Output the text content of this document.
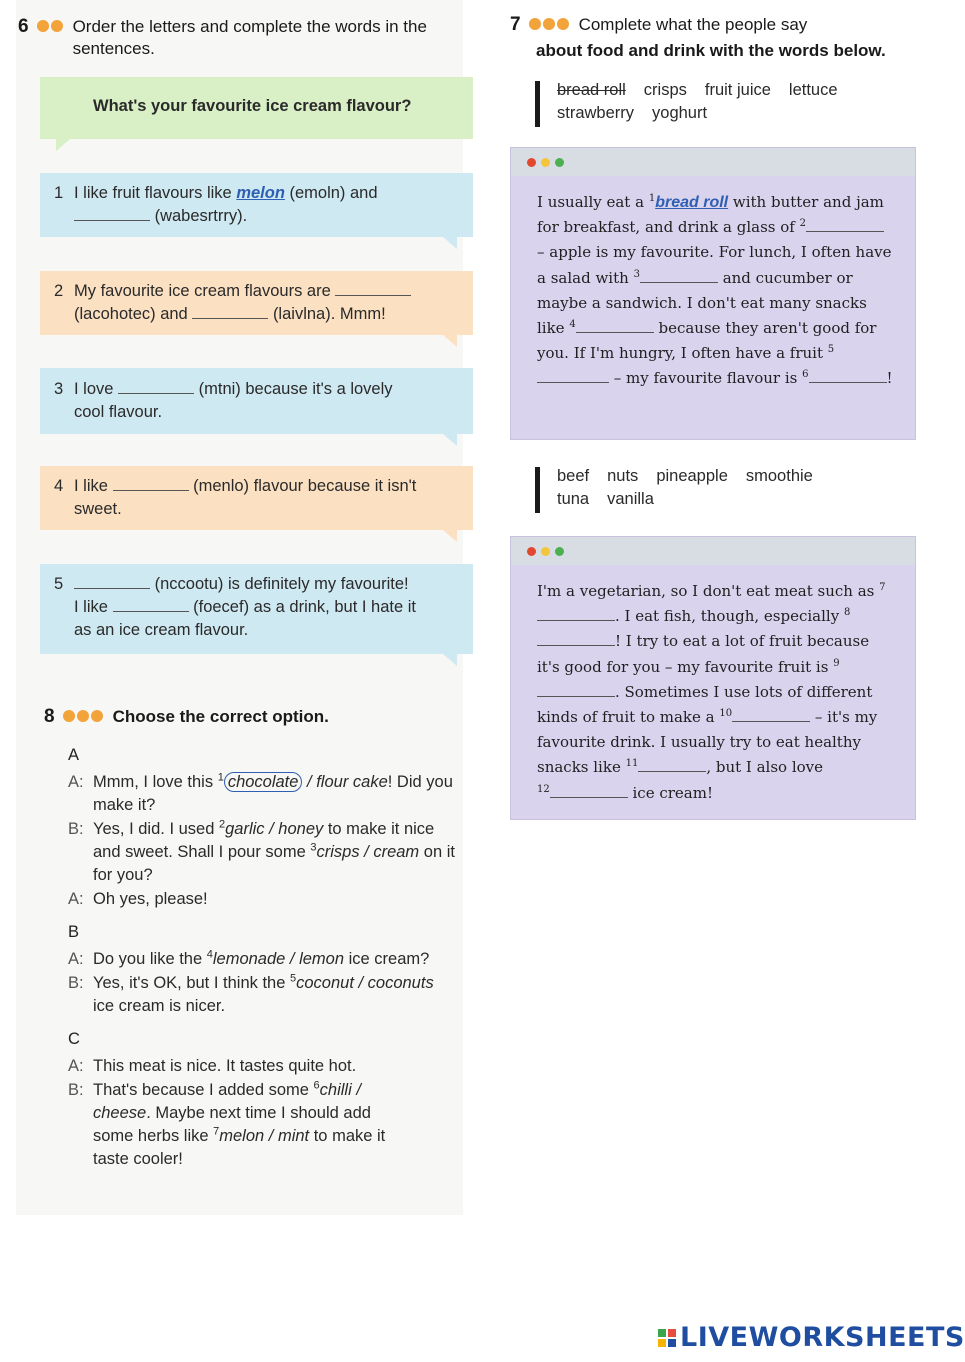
6	Order the letters and complete the words in the sentences.
What's your favourite ice cream flavour?
1 I like fruit flavours like melon (emoln) and
(wabesrtrry).
2 My favourite ice cream flavours are
(lacohotec) and	(laivlna). Mmm!
3 I love	(mtni) because it's a lovely
cool flavour.
4 I like	(menlo) flavour because it isn't
sweet.
5	(nccootu) is definitely my favourite!
I like	(foecef) as a drink, but I hate it
as an ice cream flavour.
8	Choose the correct option.
A
A: Mmm, I love this $^1$ chocolate / flour cake! Did you make it?
B: Yes, I did. I used $^2$garlic / honey to make it nice and sweet. Shall I pour some $^3$crisps / cream on it for you?
A: Oh yes, please!
B
A: Do you like the $^4$lemonade / lemon ice cream?
B: Yes, it's OK, but I think the $^5$coconut / coconuts ice cream is nicer.
C
A: This meat is nice. It tastes quite hot.
B: That's because I added some $^6$chilli / cheese. Maybe next time I should add some herbs like $^7$melon / mint to make it taste cooler!
7	Complete what the people say
about food and drink with the words below.
bread roll crisps fruit juice lettuce
strawberry yoghurt
I usually eat a $^1$bread roll with butter and jam for breakfast, and drink a glass of $^2$ – apple is my favourite. For lunch, I often have a salad with $^3$	and cucumber or maybe a sandwich. I don't eat many snacks like $^4$	because they aren't good for you. If I'm hungry, I often have a fruit $^5$ – my favourite flavour is $^6$	!
beef nuts pineapple smoothie
tuna vanilla
I'm a vegetarian, so I don't eat meat such as $^7$. I eat fish, though, especially $^8$! I try to eat a lot of fruit because it's good for you – my favourite fruit is $^9$. Sometimes I use lots of different kinds of fruit to make a $^{10}$	– it's my favourite drink. I usually try to eat healthy snacks like $^{11}$	, but I also love
$^{12}$	ice cream!
LIVEWORKSHEETS
